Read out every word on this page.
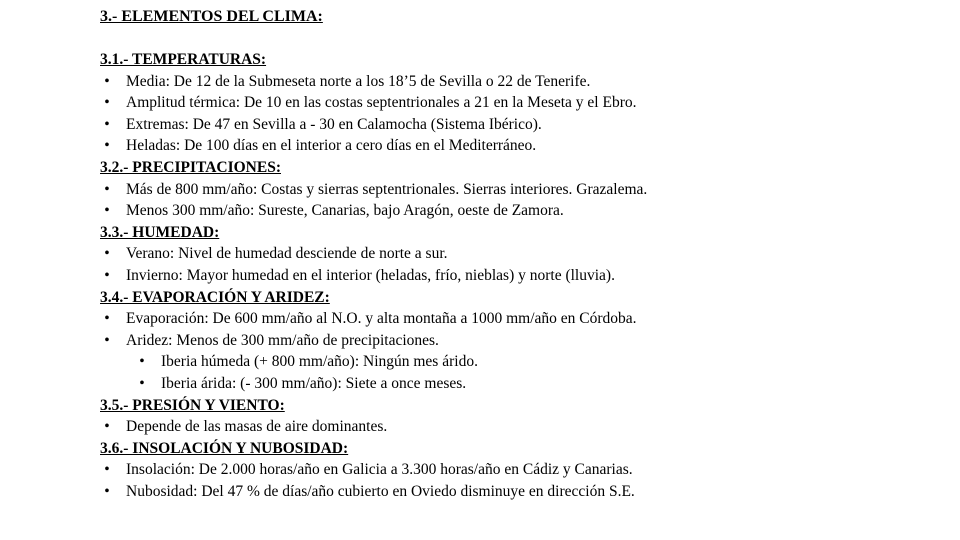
3.- ELEMENTOS DEL CLIMA:
3.1.- TEMPERATURAS:
• Media: De 12 de la Submeseta norte a los 18’5 de Sevilla o 22 de Tenerife.
• Amplitud térmica: De 10 en las costas septentrionales a 21 en la Meseta y el Ebro.
• Extremas: De 47 en Sevilla a - 30 en Calamocha (Sistema Ibérico).
• Heladas: De 100 días en el interior a cero días en el Mediterráneo.
3.2.- PRECIPITACIONES:
• Más de 800 mm/año: Costas y sierras septentrionales. Sierras interiores. Grazalema.
• Menos 300 mm/año: Sureste, Canarias, bajo Aragón, oeste de Zamora.
3.3.- HUMEDAD:
• Verano: Nivel de humedad desciende de norte a sur.
• Invierno: Mayor humedad en el interior (heladas, frío, nieblas) y norte (lluvia).
3.4.- EVAPORACIÓN Y ARIDEZ:
• Evaporación: De 600 mm/año al N.O. y alta montaña a 1000 mm/año en Córdoba.
• Aridez: Menos de 300 mm/año de precipitaciones.
• Iberia húmeda (+ 800 mm/año): Ningún mes árido.
• Iberia árida: (- 300 mm/año): Siete a once meses.
3.5.- PRESIÓN Y VIENTO:
• Depende de las masas de aire dominantes.
3.6.- INSOLACIÓN Y NUBOSIDAD:
• Insolación: De 2.000 horas/año en Galicia a 3.300 horas/año en Cádiz y Canarias.
• Nubosidad: Del 47 % de días/año cubierto en Oviedo disminuye en dirección S.E.
